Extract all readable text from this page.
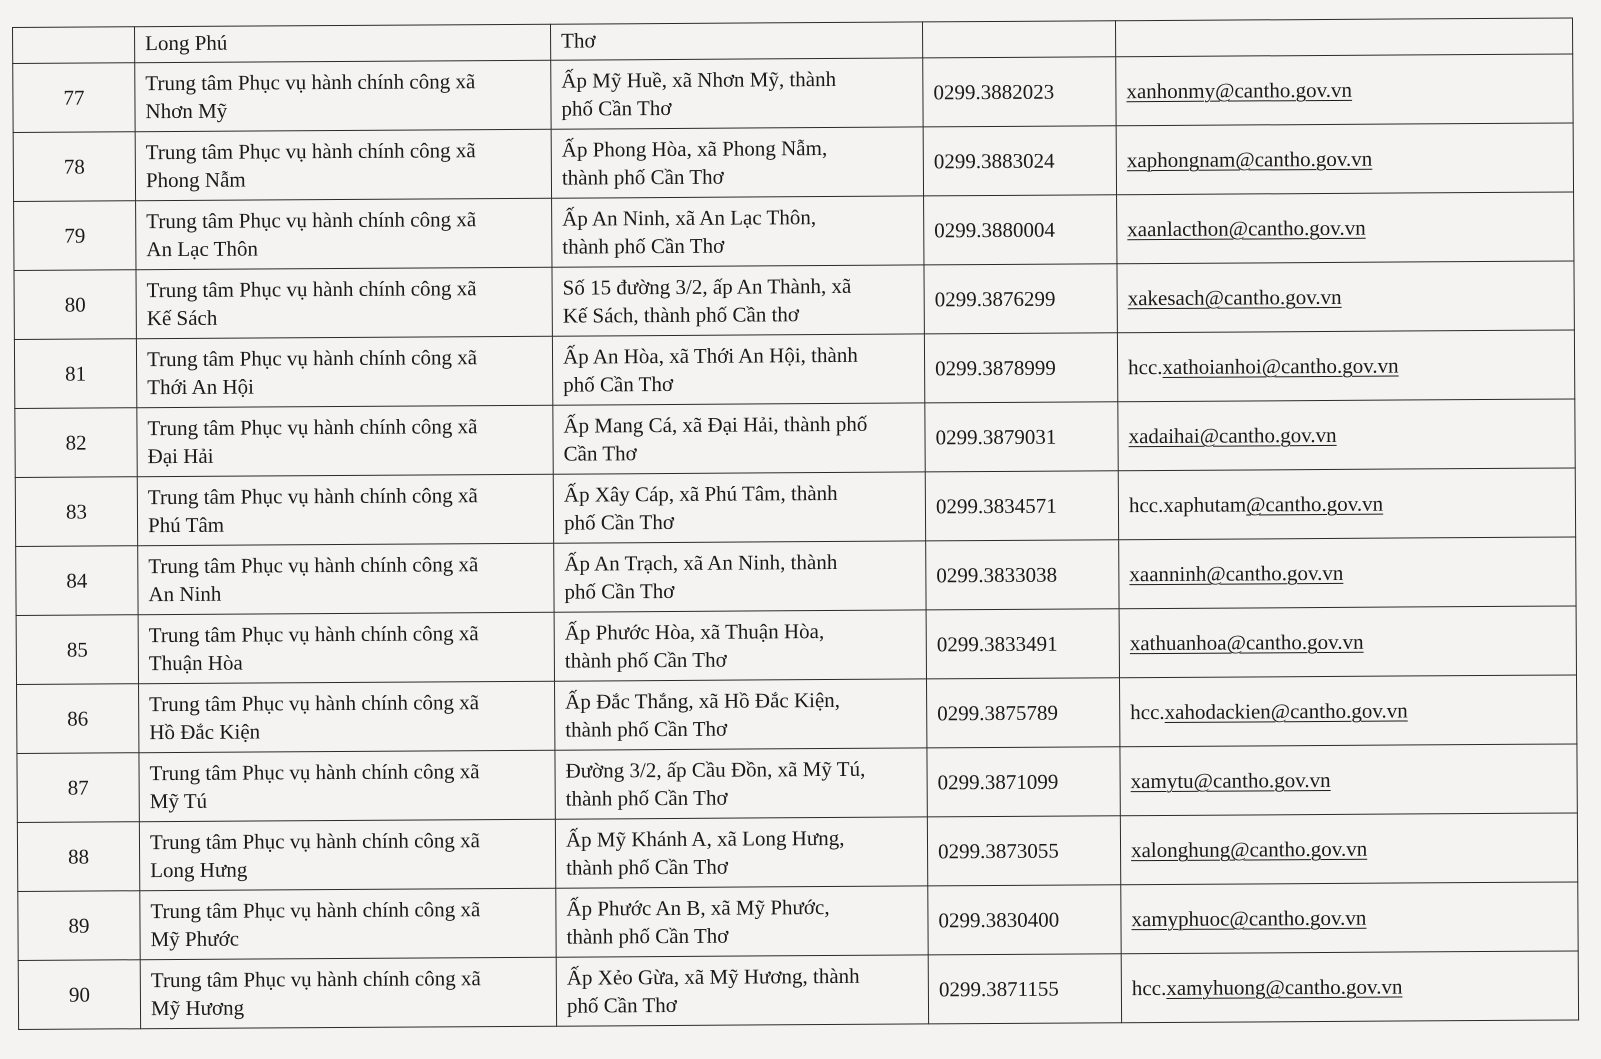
	Long Phú	Thơ		
77	Trung tâm Phục vụ hành chính công xã
Nhơn Mỹ	Ấp Mỹ Huề, xã Nhơn Mỹ, thành
phố Cần Thơ	0299.3882023	xanhonmy@cantho.gov.vn
78	Trung tâm Phục vụ hành chính công xã
Phong Nẫm	Ấp Phong Hòa, xã Phong Nẫm,
thành phố Cần Thơ	0299.3883024	xaphongnam@cantho.gov.vn
79	Trung tâm Phục vụ hành chính công xã
An Lạc Thôn	Ấp An Ninh, xã An Lạc Thôn,
thành phố Cần Thơ	0299.3880004	xaanlacthon@cantho.gov.vn
80	Trung tâm Phục vụ hành chính công xã
Kế Sách	Số 15 đường 3/2, ấp An Thành, xã
Kế Sách, thành phố Cần thơ	0299.3876299	xakesach@cantho.gov.vn
81	Trung tâm Phục vụ hành chính công xã
Thới An Hội	Ấp An Hòa, xã Thới An Hội, thành
phố Cần Thơ	0299.3878999	hcc.xathoianhoi@cantho.gov.vn
82	Trung tâm Phục vụ hành chính công xã
Đại Hải	Ấp Mang Cá, xã Đại Hải, thành phố
Cần Thơ	0299.3879031	xadaihai@cantho.gov.vn
83	Trung tâm Phục vụ hành chính công xã
Phú Tâm	Ấp Xây Cáp, xã Phú Tâm, thành
phố Cần Thơ	0299.3834571	hcc.xaphutam@cantho.gov.vn
84	Trung tâm Phục vụ hành chính công xã
An Ninh	Ấp An Trạch, xã An Ninh, thành
phố Cần Thơ	0299.3833038	xaanninh@cantho.gov.vn
85	Trung tâm Phục vụ hành chính công xã
Thuận Hòa	Ấp Phước Hòa, xã Thuận Hòa,
thành phố Cần Thơ	0299.3833491	xathuanhoa@cantho.gov.vn
86	Trung tâm Phục vụ hành chính công xã
Hồ Đắc Kiện	Ấp Đắc Thắng, xã Hồ Đắc Kiện,
thành phố Cần Thơ	0299.3875789	hcc.xahodackien@cantho.gov.vn
87	Trung tâm Phục vụ hành chính công xã
Mỹ Tú	Đường 3/2, ấp Cầu Đồn, xã Mỹ Tú,
thành phố Cần Thơ	0299.3871099	xamytu@cantho.gov.vn
88	Trung tâm Phục vụ hành chính công xã
Long Hưng	Ấp Mỹ Khánh A, xã Long Hưng,
thành phố Cần Thơ	0299.3873055	xalonghung@cantho.gov.vn
89	Trung tâm Phục vụ hành chính công xã
Mỹ Phước	Ấp Phước An B, xã Mỹ Phước,
thành phố Cần Thơ	0299.3830400	xamyphuoc@cantho.gov.vn
90	Trung tâm Phục vụ hành chính công xã
Mỹ Hương	Ấp Xẻo Gừa, xã Mỹ Hương, thành
phố Cần Thơ	0299.3871155	hcc.xamyhuong@cantho.gov.vn
